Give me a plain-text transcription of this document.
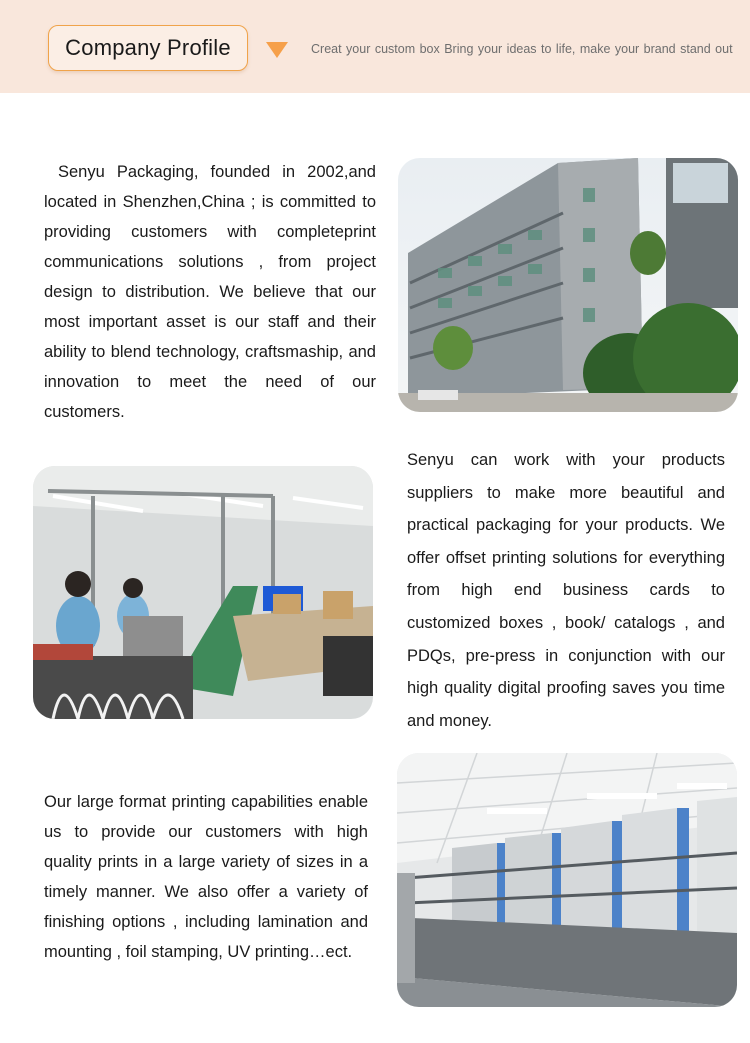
Company Profile	Creat your custom box Bring your ideas to life, make your brand stand out
Senyu Packaging, founded in 2002,and located in Shenzhen,China ; is committed to providing customers with completeprint communications solutions , from project design to distribution. We believe that our most important asset is our staff and their ability to blend technology, craftsmaship, and innovation to meet the need of our customers.
Senyu can work with your products suppliers to make more beautiful and practical packaging for your products. We offer offset printing solutions for everything from high end business cards to customized boxes , book/ catalogs , and PDQs, pre-press in conjunction with our high quality digital proofing saves you time and money.
Our large format printing capabilities enable us to provide our customers with high quality prints in a large variety of sizes in a timely manner. We also offer a variety of finishing options , including lamination and mounting , foil stamping, UV printing…ect.
